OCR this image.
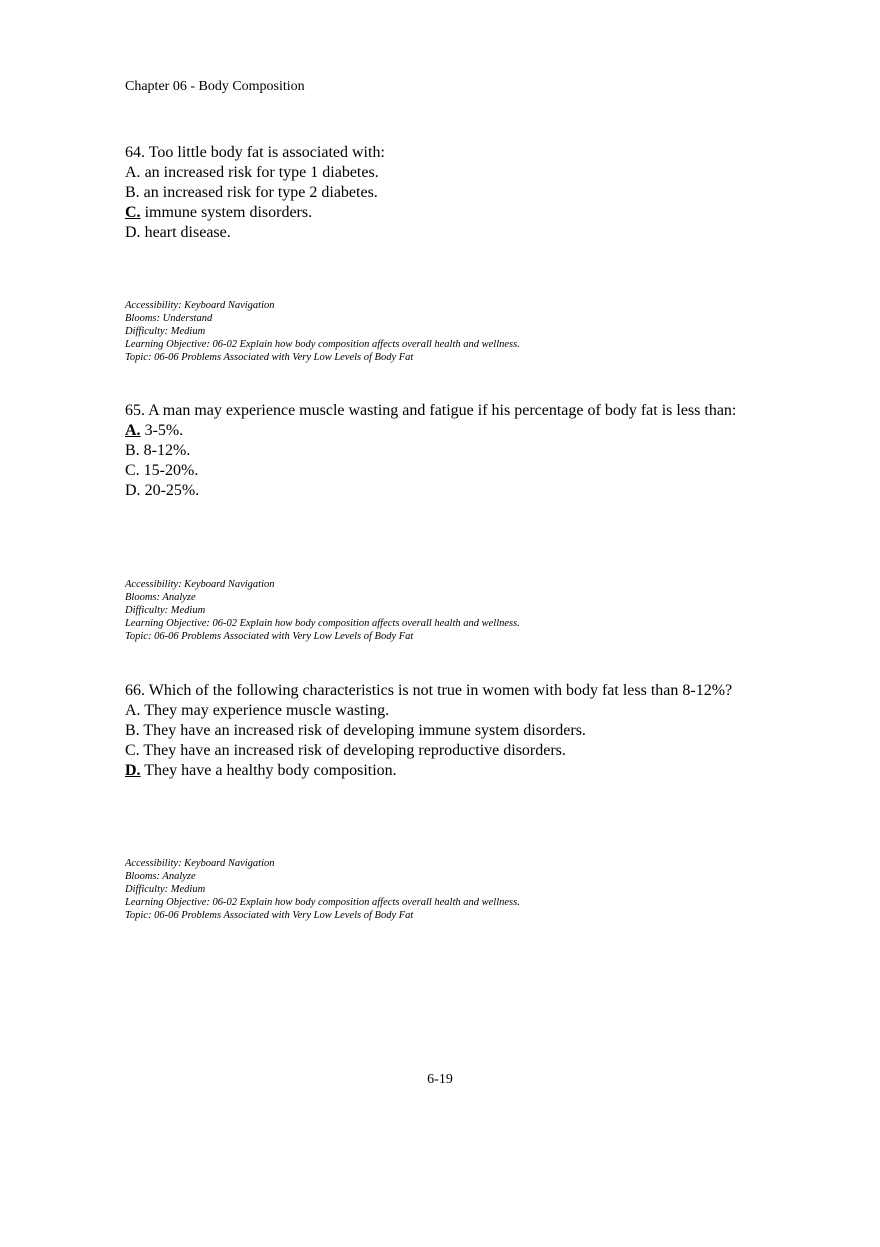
Chapter 06 - Body Composition
64. Too little body fat is associated with:
A. an increased risk for type 1 diabetes.
B. an increased risk for type 2 diabetes.
C. immune system disorders.
D. heart disease.
Accessibility: Keyboard Navigation
Blooms: Understand
Difficulty: Medium
Learning Objective: 06-02 Explain how body composition affects overall health and wellness.
Topic: 06-06 Problems Associated with Very Low Levels of Body Fat
65. A man may experience muscle wasting and fatigue if his percentage of body fat is less than:
A. 3-5%.
B. 8-12%.
C. 15-20%.
D. 20-25%.
Accessibility: Keyboard Navigation
Blooms: Analyze
Difficulty: Medium
Learning Objective: 06-02 Explain how body composition affects overall health and wellness.
Topic: 06-06 Problems Associated with Very Low Levels of Body Fat
66. Which of the following characteristics is not true in women with body fat less than 8-12%?
A. They may experience muscle wasting.
B. They have an increased risk of developing immune system disorders.
C. They have an increased risk of developing reproductive disorders.
D. They have a healthy body composition.
Accessibility: Keyboard Navigation
Blooms: Analyze
Difficulty: Medium
Learning Objective: 06-02 Explain how body composition affects overall health and wellness.
Topic: 06-06 Problems Associated with Very Low Levels of Body Fat
6-19
